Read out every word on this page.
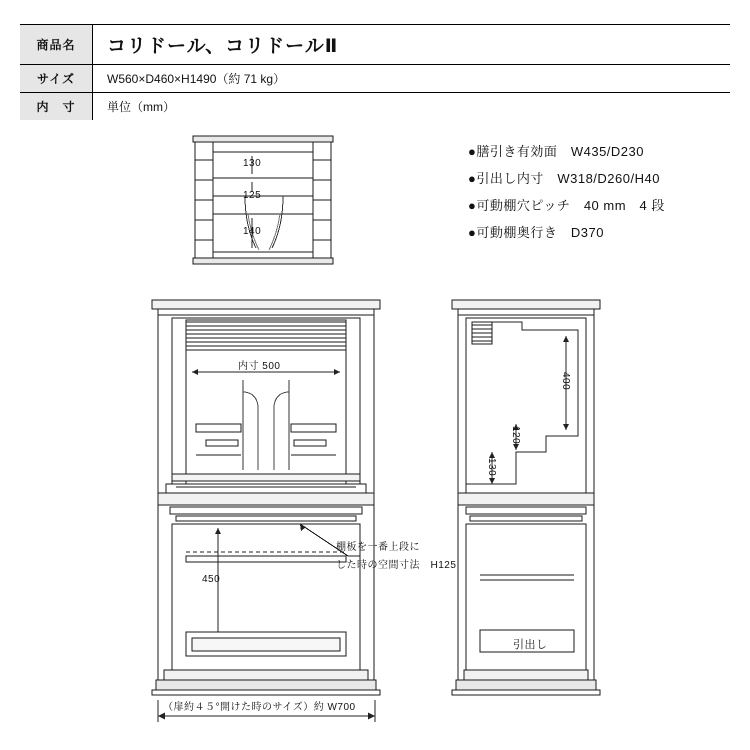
商品名	コリドール、コリドールⅡ
サイズ	W560×D460×H1490（約 71 kg）
内　寸	単位（mm）
●膳引き有効面　W435/D230
●引出し内寸　W318/D260/H40
●可動棚穴ピッチ　40 mm　4 段
●可動棚奥行き　D370
130
125
140
内寸 500
棚板を一番上段に
した時の空間寸法　H125
450
（扉約４５°開けた時のサイズ）約 W700
400
120
130
引出し
